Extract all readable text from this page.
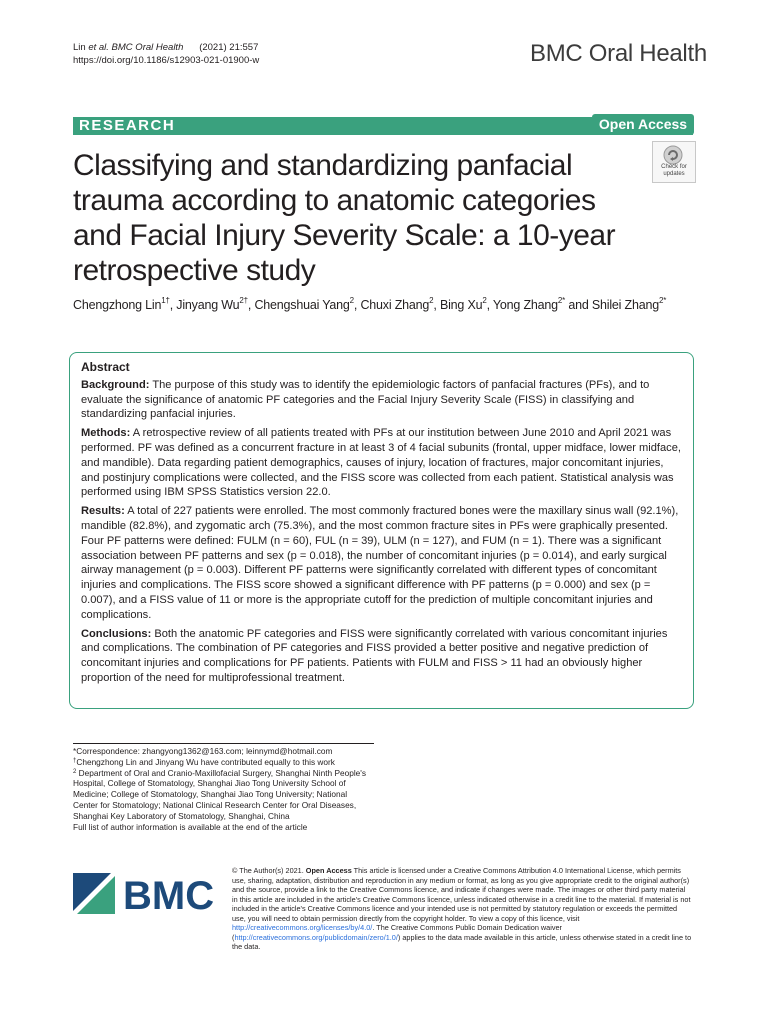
Lin et al. BMC Oral Health (2021) 21:557
https://doi.org/10.1186/s12903-021-01900-w	BMC Oral Health
RESEARCH	Open Access
Classifying and standardizing panfacial trauma according to anatomic categories and Facial Injury Severity Scale: a 10-year retrospective study
Check for updates
Chengzhong Lin$^{1\dagger}$, Jinyang $Wu^{2\dagger}$, Chengshuai Yang$^2$, Chuxi Zhang$^2$, Bing Xu$^2$, Yong Zhang$^{2*}$ and Shilei Zhang$^{2*}$
Abstract
Background: The purpose of this study was to identify the epidemiologic factors of panfacial fractures (PFs), and to evaluate the significance of anatomic PF categories and the Facial Injury Severity Scale (FISS) in classifying and standardizing panfacial injuries.
Methods: A retrospective review of all patients treated with PFs at our institution between June 2010 and April 2021 was performed. PF was defined as a concurrent fracture in at least 3 of 4 facial subunits (frontal, upper midface, lower midface, and mandible). Data regarding patient demographics, causes of injury, location of fractures, major concomitant injuries, and postinjury complications were collected, and the FISS score was collected from each patient. Statistical analysis was performed using IBM SPSS Statistics version 22.0.
Results: A total of 227 patients were enrolled. The most commonly fractured bones were the maxillary sinus wall (92.1%), mandible (82.8%), and zygomatic arch (75.3%), and the most common fracture sites in PFs were graphically presented. Four PF patterns were defined: FULM (n = 60), FUL (n = 39), ULM (n = 127), and FUM (n = 1). There was a significant association between PF patterns and sex (p = 0.018), the number of concomitant injuries (p = 0.014), and early surgical airway management (p = 0.003). Different PF patterns were significantly correlated with different types of concomitant injuries and complications. The FISS score showed a significant difference with PF patterns (p = 0.000) and sex (p = 0.007), and a FISS value of 11 or more is the appropriate cutoff for the prediction of multiple concomitant injuries and complications.
Conclusions: Both the anatomic PF categories and FISS were significantly correlated with various concomitant injuries and complications. The combination of PF categories and FISS provided a better positive and negative prediction of concomitant injuries and complications for PF patients. Patients with FULM and FISS > 11 had an obviously higher proportion of the need for multiprofessional treatment.
*Correspondence: zhangyong1362@163.com; leinnymd@hotmail.com
†Chengzhong Lin and Jinyang Wu have contributed equally to this work
$^2$ Department of Oral and Cranio-Maxillofacial Surgery, Shanghai Ninth People's Hospital, College of Stomatology, Shanghai Jiao Tong University School of Medicine; College of Stomatology, Shanghai Jiao Tong University; National Center for Stomatology; National Clinical Research Center for Oral Diseases, Shanghai Key Laboratory of Stomatology, Shanghai, China
Full list of author information is available at the end of the article
BMC
© The Author(s) 2021. Open Access This article is licensed under a Creative Commons Attribution 4.0 International License, which permits use, sharing, adaptation, distribution and reproduction in any medium or format, as long as you give appropriate credit to the original author(s) and the source, provide a link to the Creative Commons licence, and indicate if changes were made. The images or other third party material in this article are included in the article's Creative Commons licence, unless indicated otherwise in a credit line to the material. If material is not included in the article's Creative Commons licence and your intended use is not permitted by statutory regulation or exceeds the permitted use, you will need to obtain permission directly from the copyright holder. To view a copy of this licence, visit http://creativecommons.org/licenses/by/4.0/. The Creative Commons Public Domain Dedication waiver (http://creativecommons.org/publicdomain/zero/1.0/) applies to the data made available in this article, unless otherwise stated in a credit line to the data.
